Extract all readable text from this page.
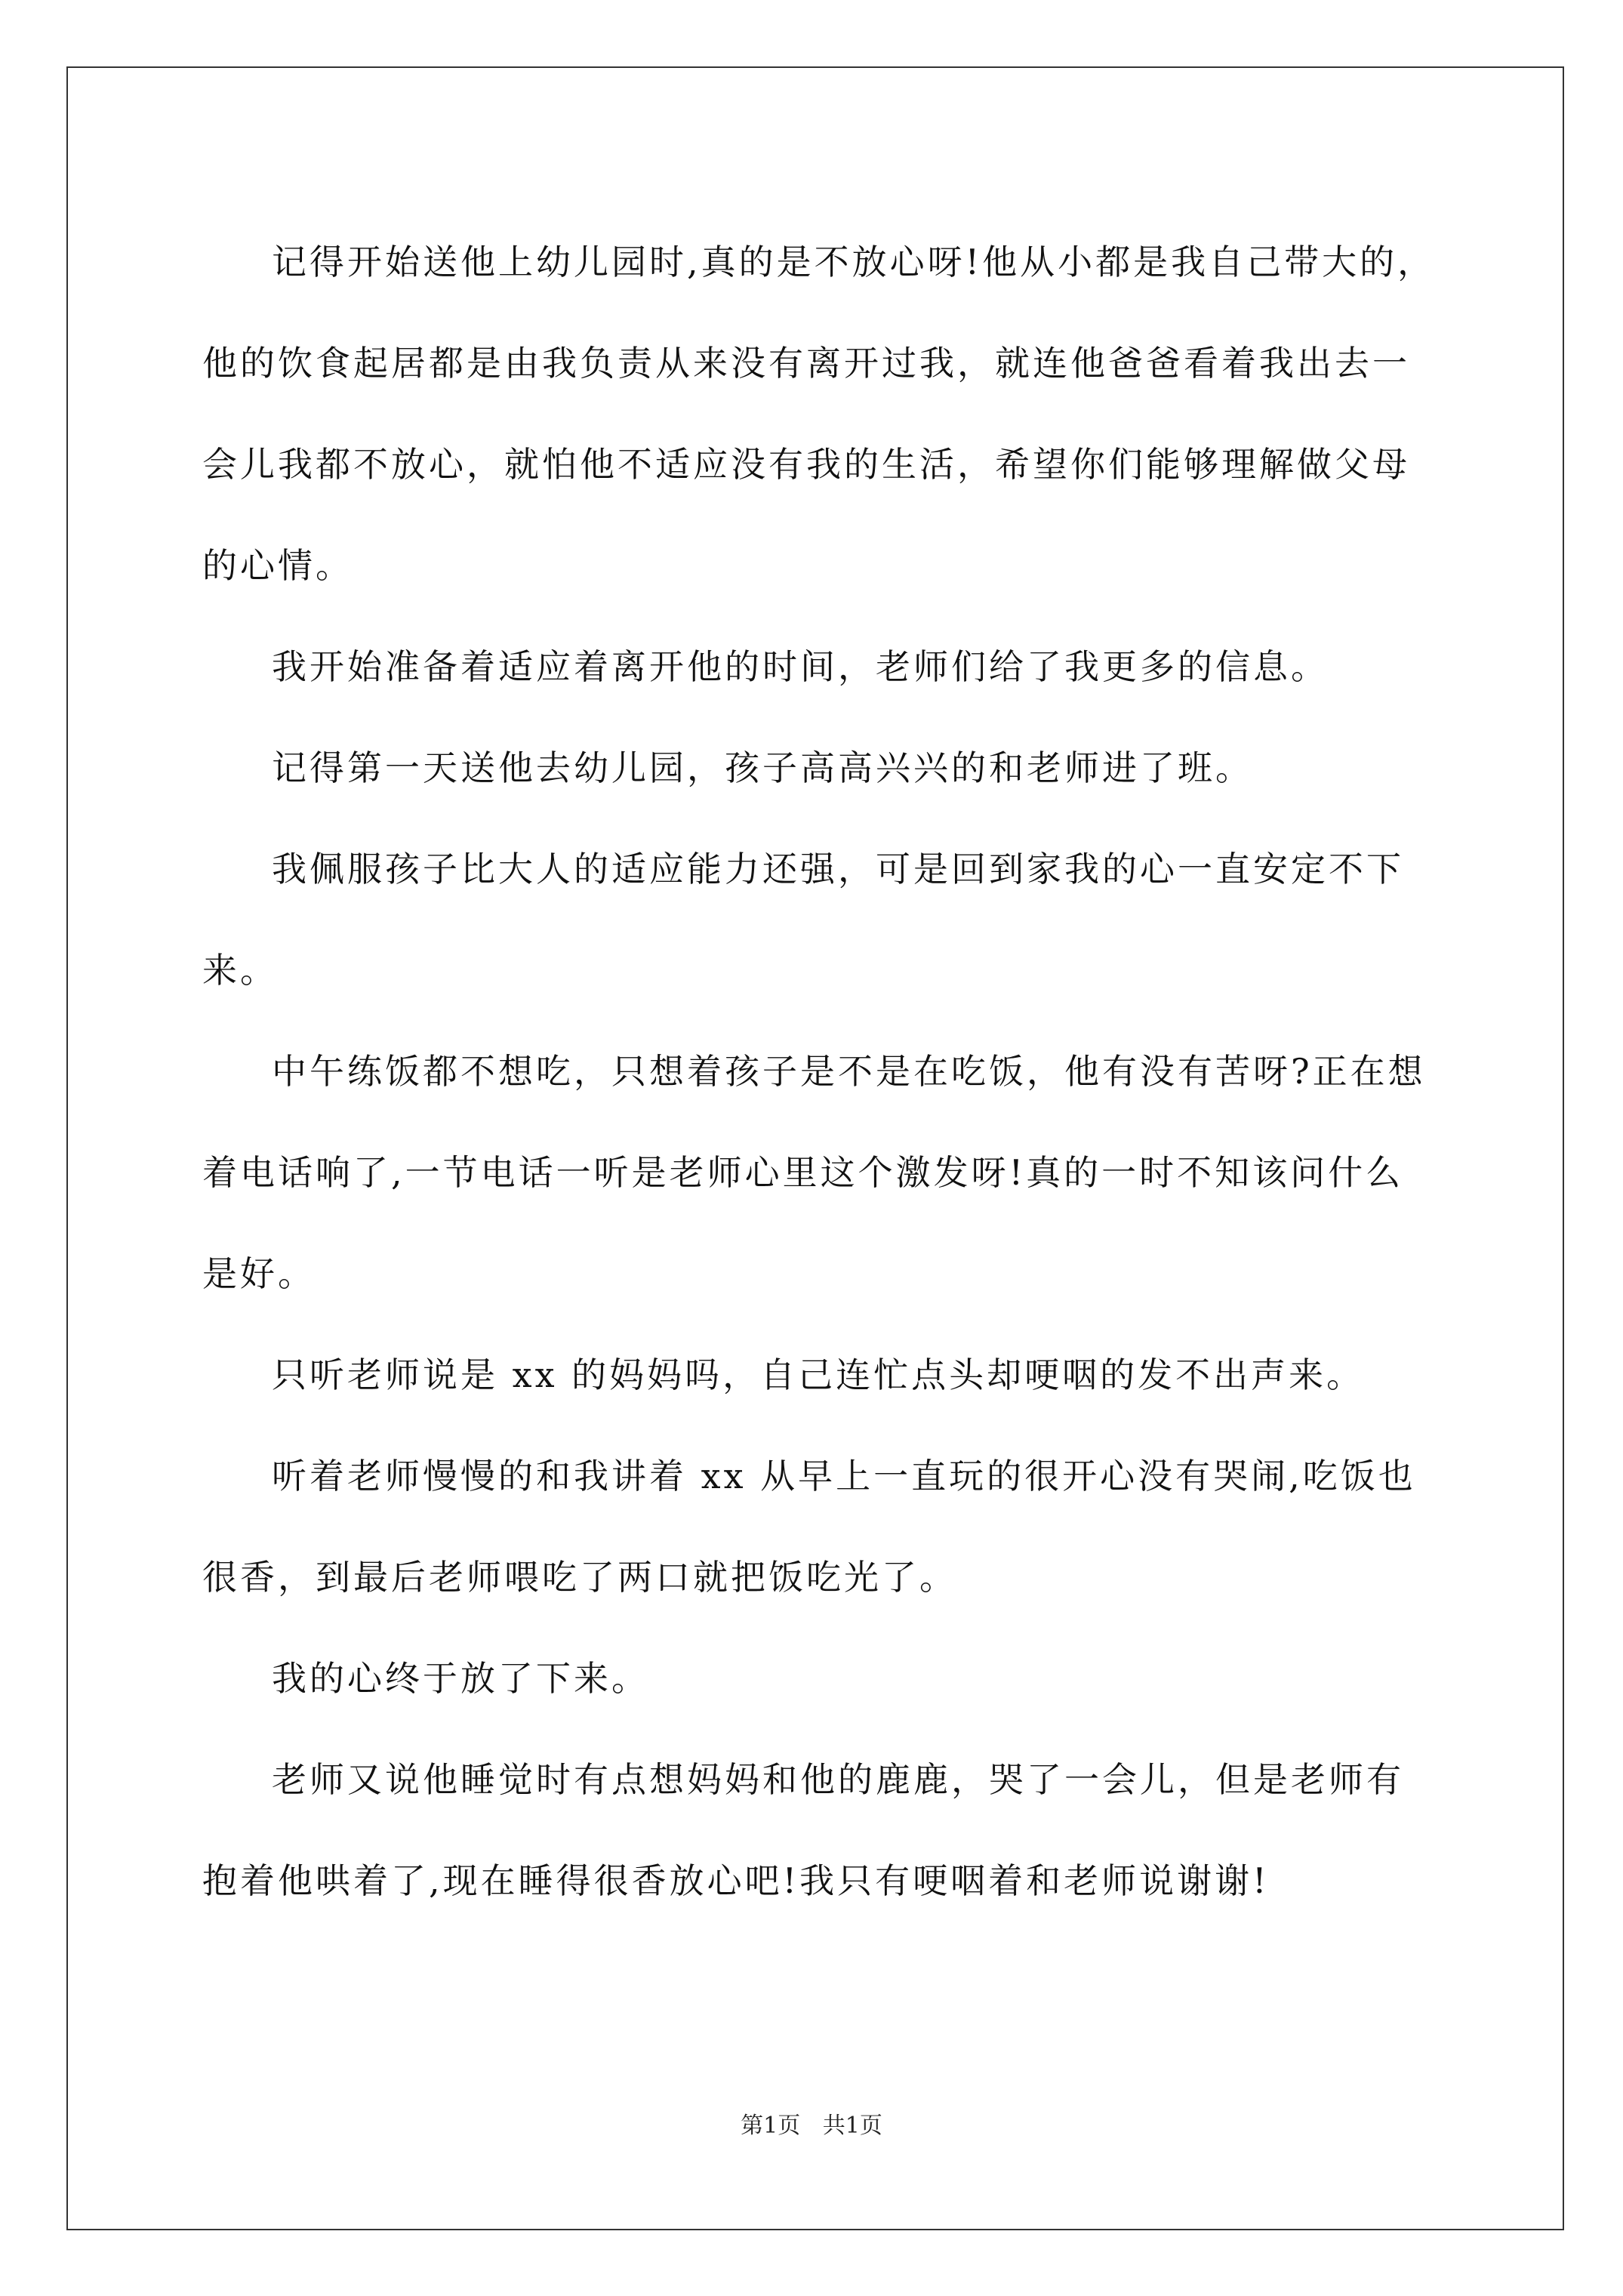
记得开始送他上幼儿园时,真的是不放心呀!他从小都是我自己带大的，他的饮食起居都是由我负责从来没有离开过我，就连他爸爸看着我出去一会儿我都不放心，就怕他不适应没有我的生活，希望你们能够理解做父母的心情。

我开始准备着适应着离开他的时间，老师们给了我更多的信息。

记得第一天送他去幼儿园，孩子高高兴兴的和老师进了班。

我佩服孩子比大人的适应能力还强，可是回到家我的心一直安定不下来。

中午练饭都不想吃，只想着孩子是不是在吃饭，他有没有苦呀?正在想着电话响了,一节电话一听是老师心里这个激发呀!真的一时不知该问什么是好。

只听老师说是 xx 的妈妈吗，自己连忙点头却哽咽的发不出声来。

听着老师慢慢的和我讲着 xx 从早上一直玩的很开心没有哭闹,吃饭也很香，到最后老师喂吃了两口就把饭吃光了。

我的心终于放了下来。

老师又说他睡觉时有点想妈妈和他的鹿鹿，哭了一会儿，但是老师有抱着他哄着了,现在睡得很香放心吧!我只有哽咽着和老师说谢谢!

第1页 共1页
